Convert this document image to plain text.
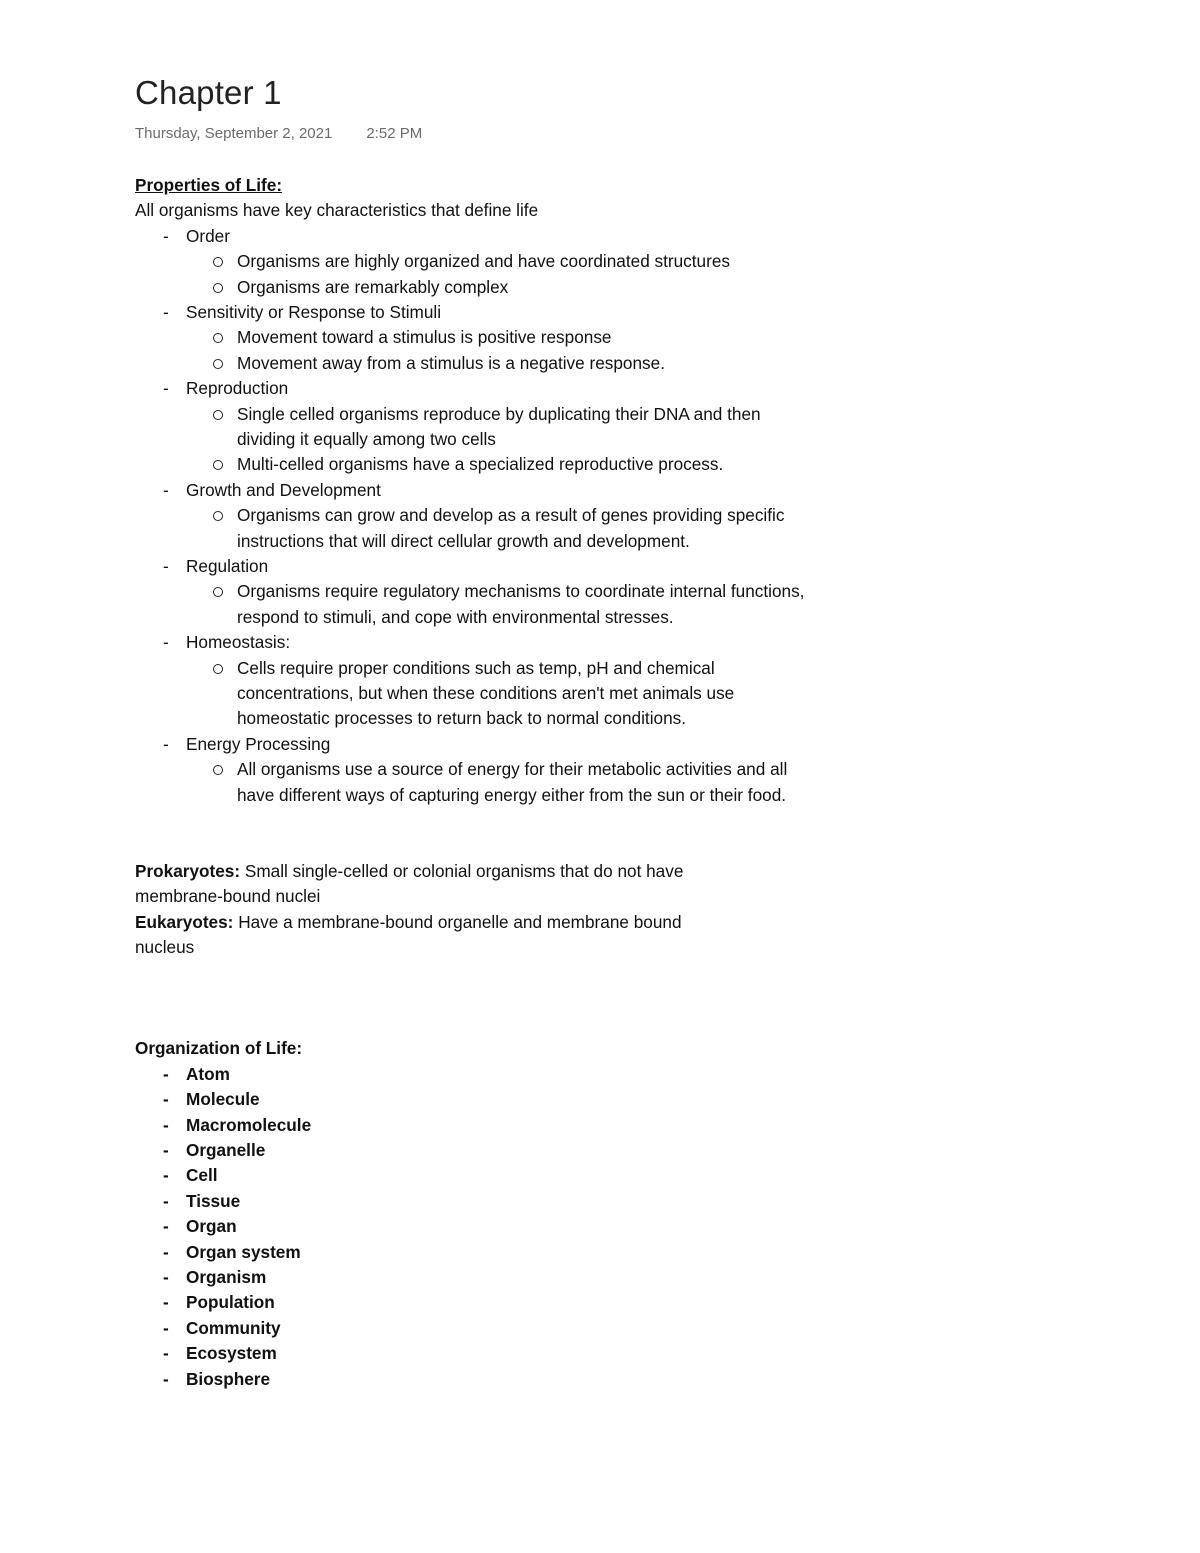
Chapter 1
Thursday, September 2, 2021 2:52 PM
Properties of Life:
All organisms have key characteristics that define life
- Order
Organisms are highly organized and have coordinated structures
Organisms are remarkably complex
- Sensitivity or Response to Stimuli
Movement toward a stimulus is positive response
Movement away from a stimulus is a negative response.
- Reproduction
Single celled organisms reproduce by duplicating their DNA and then dividing it equally among two cells
Multi-celled organisms have a specialized reproductive process.
- Growth and Development
Organisms can grow and develop as a result of genes providing specific instructions that will direct cellular growth and development.
- Regulation
Organisms require regulatory mechanisms to coordinate internal functions, respond to stimuli, and cope with environmental stresses.
- Homeostasis:
Cells require proper conditions such as temp, pH and chemical concentrations, but when these conditions aren't met animals use homeostatic processes to return back to normal conditions.
- Energy Processing
All organisms use a source of energy for their metabolic activities and all have different ways of capturing energy either from the sun or their food.
Prokaryotes: Small single-celled or colonial organisms that do not have membrane-bound nuclei
Eukaryotes: Have a membrane-bound organelle and membrane bound nucleus
Organization of Life:
- Atom
- Molecule
- Macromolecule
- Organelle
- Cell
- Tissue
- Organ
- Organ system
- Organism
- Population
- Community
- Ecosystem
- Biosphere
